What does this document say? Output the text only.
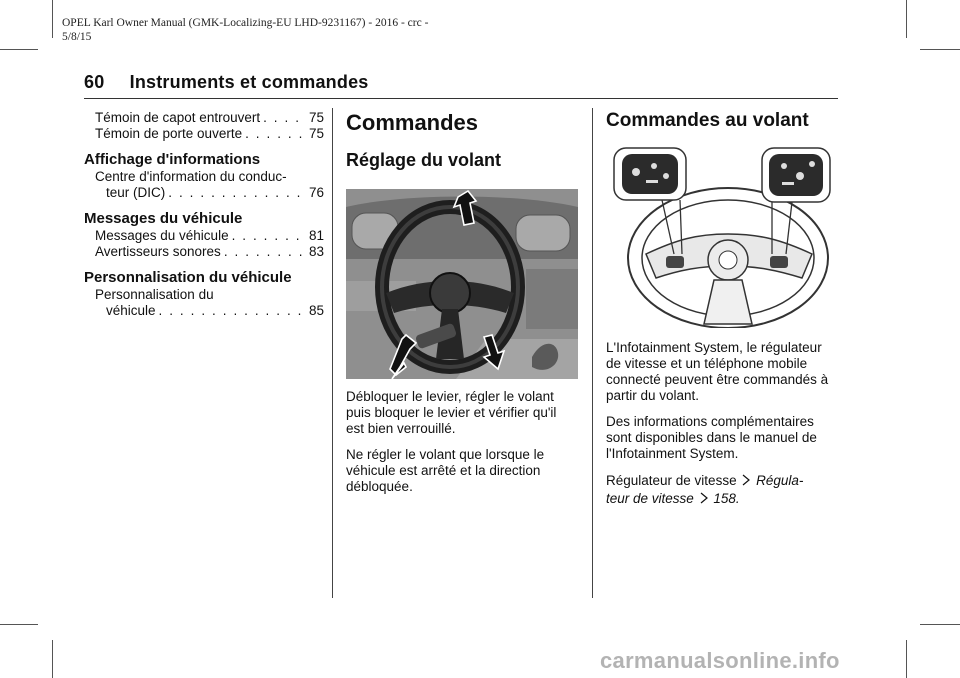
OPEL Karl Owner Manual (GMK-Localizing-EU LHD-9231167) - 2016 - crc -
5/8/15
60 Instruments et commandes
Témoin de capot entrouvert . . .	75
Témoin de porte ouverte . . .	75
Affichage d'informations
Centre d'information du conduc-
teur (DIC) . . .	76
Messages du véhicule
Messages du véhicule . . .	81
Avertisseurs sonores . . .	83
Personnalisation du véhicule
Personnalisation du
véhicule . . .	85
Commandes
Réglage du volant

Débloquer le levier, régler le volant puis bloquer le levier et vérifier qu'il est bien verrouillé.

Ne régler le volant que lorsque le véhicule est arrêté et la direction débloquée.

Commandes au volant

L'Infotainment System, le régulateur de vitesse et un téléphone mobile connecté peuvent être commandés à partir du volant.

Des informations complémentaires sont disponibles dans le manuel de l'Infotainment System.

Régulateur de vitesse Régula-
teur de vitesse 158.
carmanualsonline.info
